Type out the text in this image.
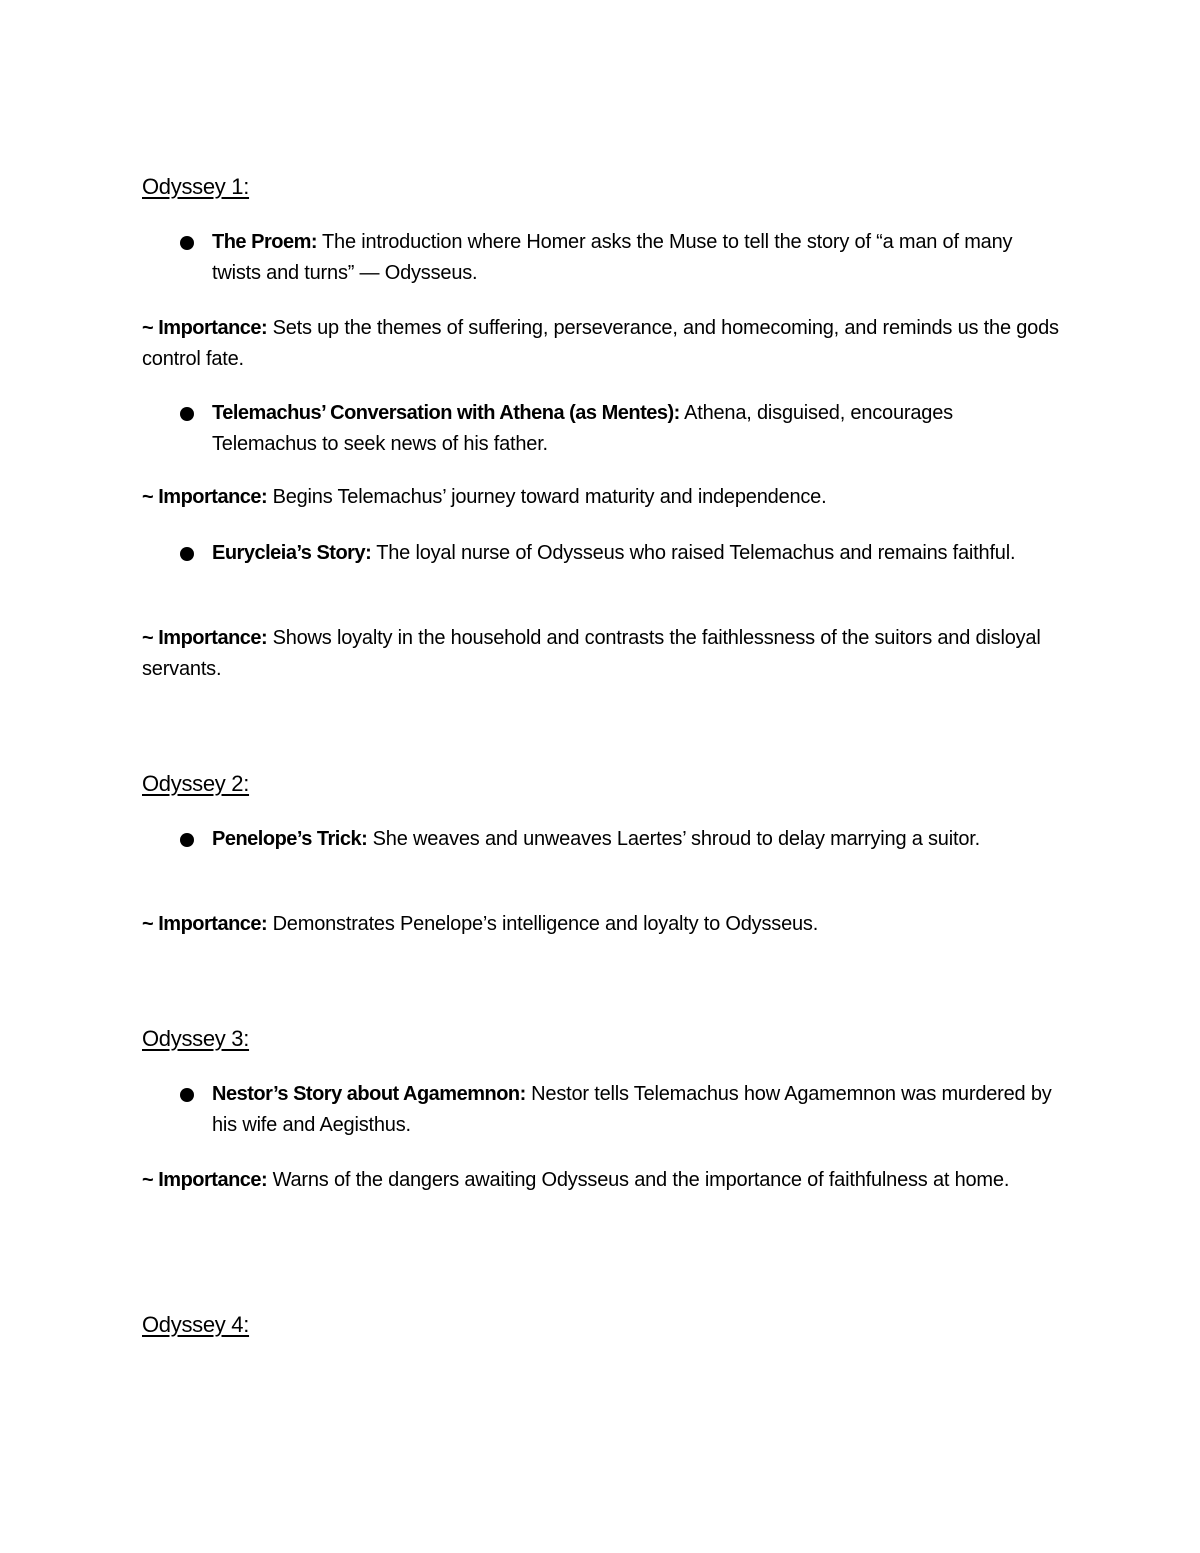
Odyssey 1:
The Proem: The introduction where Homer asks the Muse to tell the story of “a man of many twists and turns” — Odysseus.
~ Importance: Sets up the themes of suffering, perseverance, and homecoming, and reminds us the gods control fate.
Telemachus’ Conversation with Athena (as Mentes): Athena, disguised, encourages Telemachus to seek news of his father.
~ Importance: Begins Telemachus’ journey toward maturity and independence.
Eurycleia’s Story: The loyal nurse of Odysseus who raised Telemachus and remains faithful.
~ Importance: Shows loyalty in the household and contrasts the faithlessness of the suitors and disloyal servants.
Odyssey 2:
Penelope’s Trick: She weaves and unweaves Laertes’ shroud to delay marrying a suitor.
~ Importance: Demonstrates Penelope’s intelligence and loyalty to Odysseus.
Odyssey 3:
Nestor’s Story about Agamemnon: Nestor tells Telemachus how Agamemnon was murdered by his wife and Aegisthus.
~ Importance: Warns of the dangers awaiting Odysseus and the importance of faithfulness at home.
Odyssey 4:
